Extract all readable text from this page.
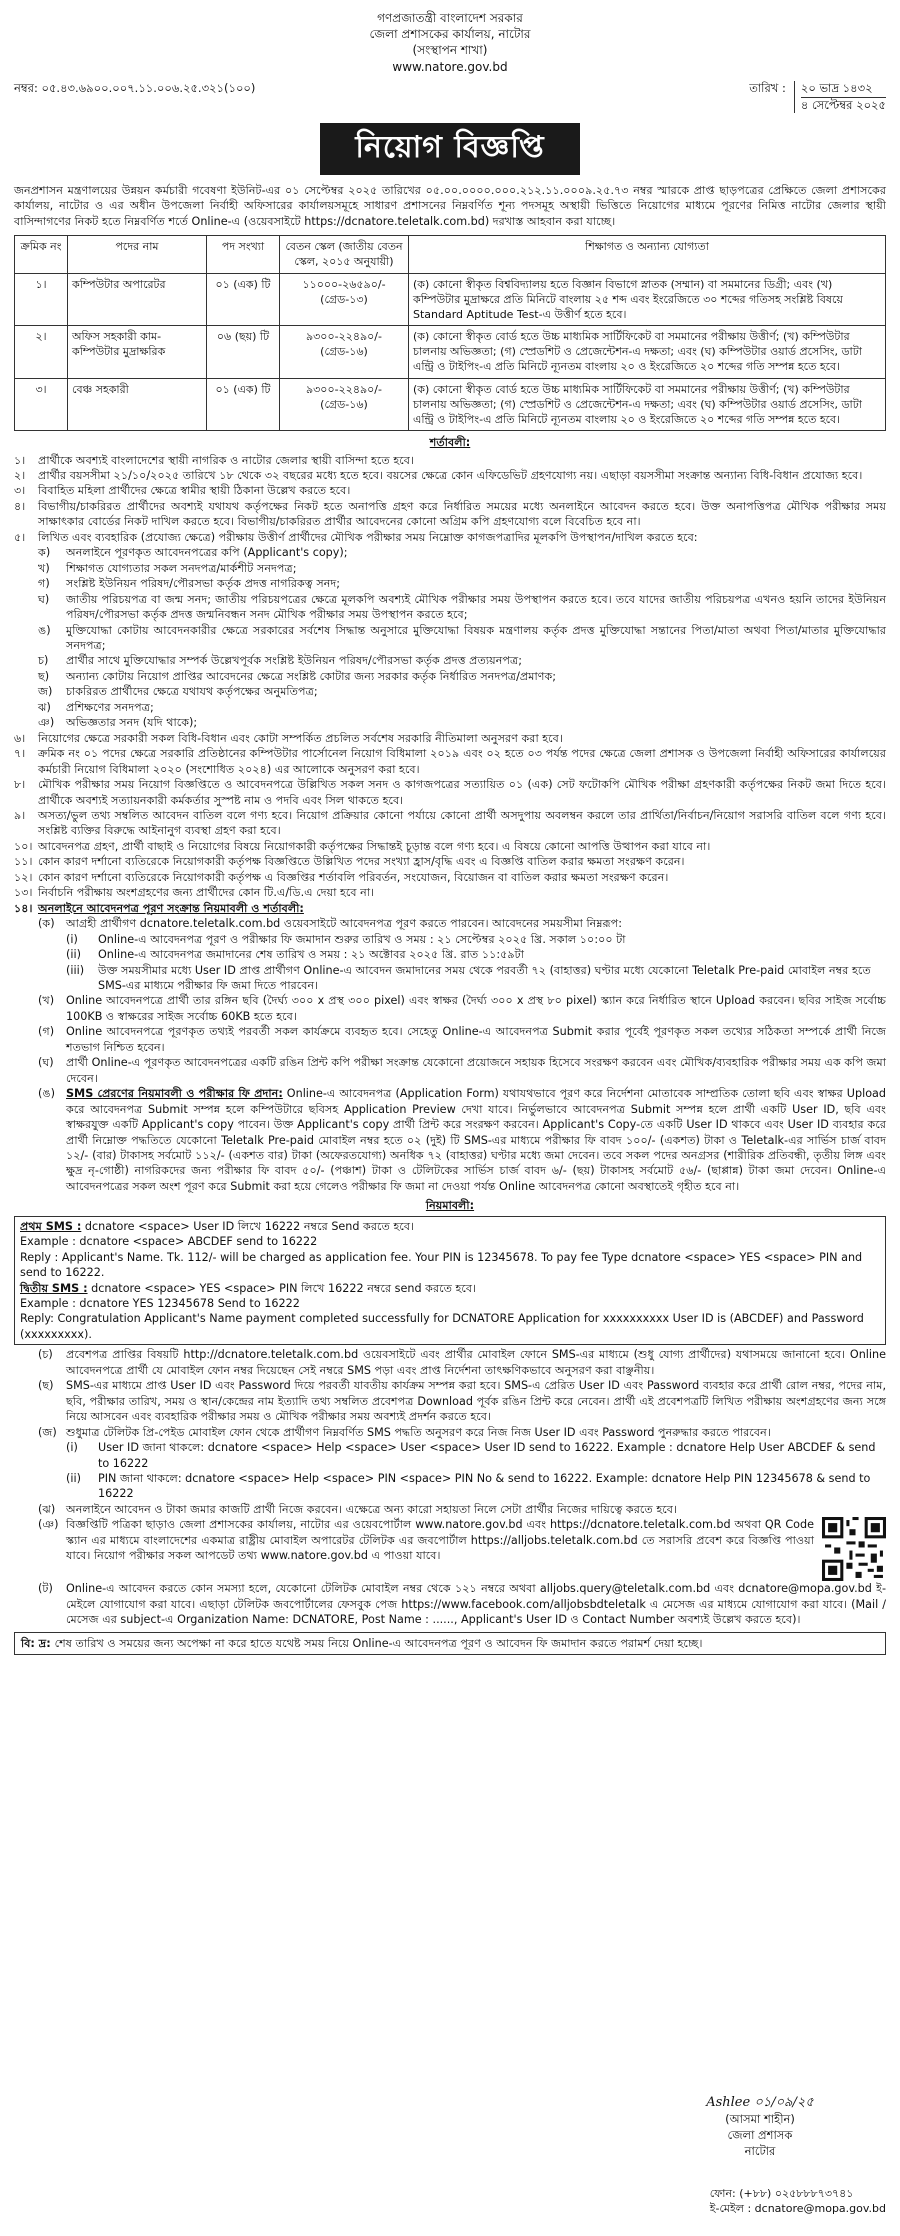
গণপ্রজাতন্ত্রী বাংলাদেশ সরকার
জেলা প্রশাসকের কার্যালয়, নাটোর
(সংস্থাপন শাখা)
www.natore.gov.bd
নম্বর: ০৫.৪৩.৬৯০০.০০৭.১১.০০৬.২৫.৩২১(১০০)	তারিখ : ২০ ভাদ্র ১৪৩২
৪ সেপ্টেম্বর ২০২৫
নিয়োগ বিজ্ঞপ্তি
জনপ্রশাসন মন্ত্রণালয়ের উন্নয়ন কর্মচারী গবেষণা ইউনিট-এর ০১ সেপ্টেম্বর ২০২৫ তারিখের ০৫.০০.০০০০.০০০.২১২.১১.০০০৯.২৫.৭৩ নম্বর স্মারকে প্রাপ্ত ছাড়পত্রের প্রেক্ষিতে জেলা প্রশাসকের কার্যালয়, নাটোর ও এর অধীন উপজেলা নির্বাহী অফিসারের কার্যালয়সমূহে সাধারণ প্রশাসনের নিম্নবর্ণিত শূন্য পদসমূহ অস্থায়ী ভিত্তিতে নিয়োগের মাধ্যমে পূরণের নিমিত্ত নাটোর জেলার স্থায়ী বাসিন্দাগণের নিকট হতে নিম্নবর্ণিত শর্তে Online-এ (ওয়েবসাইটে https://dcnatore.teletalk.com.bd) দরখাস্ত আহবান করা যাচ্ছে।
ক্রমিক নং	পদের নাম	পদ সংখ্যা	বেতন স্কেল (জাতীয় বেতন স্কেল, ২০১৫ অনুযায়ী)	শিক্ষাগত ও অন্যান্য যোগ্যতা
১।	কম্পিউটার অপারেটর	০১ (এক) টি	১১০০০-২৬৫৯০/- (গ্রেড-১৩)	(ক) কোনো স্বীকৃত বিশ্ববিদ্যালয় হতে বিজ্ঞান বিভাগে স্নাতক (সম্মান) বা সমমানের ডিগ্রী; এবং (খ) কম্পিউটার মুদ্রাক্ষরে প্রতি মিনিটে বাংলায় ২৫ শব্দ এবং ইংরেজিতে ৩০ শব্দের গতিসহ সংশ্লিষ্ট বিষয়ে Standard Aptitude Test-এ উত্তীর্ণ হতে হবে।
২।	অফিস সহকারী কাম-কম্পিউটার মুদ্রাক্ষরিক	০৬ (ছয়) টি	৯৩০০-২২৪৯০/- (গ্রেড-১৬)	(ক) কোনো স্বীকৃত বোর্ড হতে উচ্চ মাধ্যমিক সার্টিফিকেট বা সমমানের পরীক্ষায় উত্তীর্ণ; (খ) কম্পিউটার চালনায় অভিজ্ঞতা; (গ) স্প্রেডশিট ও প্রেজেন্টেশন-এ দক্ষতা; এবং (ঘ) কম্পিউটার ওয়ার্ড প্রসেসিং, ডাটা এন্ট্রি ও টাইপিং-এ প্রতি মিনিটে ন্যূনতম বাংলায় ২০ ও ইংরেজিতে ২০ শব্দের গতি সম্পন্ন হতে হবে।
৩।	বেঞ্চ সহকারী	০১ (এক) টি	৯৩০০-২২৪৯০/- (গ্রেড-১৬)	(ক) কোনো স্বীকৃত বোর্ড হতে উচ্চ মাধ্যমিক সার্টিফিকেট বা সমমানের পরীক্ষায় উত্তীর্ণ; (খ) কম্পিউটার চালনায় অভিজ্ঞতা; (গ) স্প্রেডশিট ও প্রেজেন্টেশন-এ দক্ষতা; এবং (ঘ) কম্পিউটার ওয়ার্ড প্রসেসিং, ডাটা এন্ট্রি ও টাইপিং-এ প্রতি মিনিটে ন্যূনতম বাংলায় ২০ ও ইংরেজিতে ২০ শব্দের গতি সম্পন্ন হতে হবে।
শর্তাবলী:
১।	প্রার্থীকে অবশ্যই বাংলাদেশের স্থায়ী নাগরিক ও নাটোর জেলার স্থায়ী বাসিন্দা হতে হবে।
২।	প্রার্থীর বয়সসীমা ২১/১০/২০২৫ তারিখে ১৮ থেকে ৩২ বছরের মধ্যে হতে হবে। বয়সের ক্ষেত্রে কোন এফিডেভিট গ্রহণযোগ্য নয়। এছাড়া বয়সসীমা সংক্রান্ত অন্যান্য বিধি-বিধান প্রযোজ্য হবে।
৩।	বিবাহিত মহিলা প্রার্থীদের ক্ষেত্রে স্বামীর স্থায়ী ঠিকানা উল্লেখ করতে হবে।
৪।	বিভাগীয়/চাকরিরত প্রার্থীদের অবশ্যই যথাযথ কর্তৃপক্ষের নিকট হতে অনাপত্তি গ্রহণ করে নির্ধারিত সময়ের মধ্যে অনলাইনে আবেদন করতে হবে। উক্ত অনাপত্তিপত্র মৌখিক পরীক্ষার সময় সাক্ষাৎকার বোর্ডের নিকট দাখিল করতে হবে। বিভাগীয়/চাকরিরত প্রার্থীর আবেদনের কোনো অগ্রিম কপি গ্রহণযোগ্য বলে বিবেচিত হবে না।
৫।	লিখিত এবং ব্যবহারিক (প্রযোজ্য ক্ষেত্রে) পরীক্ষায় উত্তীর্ণ প্রার্থীদের মৌখিক পরীক্ষার সময় নিম্নোক্ত কাগজপত্রাদির মূলকপি উপস্থাপন/দাখিল করতে হবে:
ক)	অনলাইনে পূরণকৃত আবেদনপত্রের কপি (Applicant's copy);
খ)	শিক্ষাগত যোগ্যতার সকল সনদপত্র/মার্কশীট সনদপত্র;
গ)	সংশ্লিষ্ট ইউনিয়ন পরিষদ/পৌরসভা কর্তৃক প্রদত্ত নাগরিকত্ব সনদ;
ঘ)	জাতীয় পরিচয়পত্র বা জন্ম সনদ; জাতীয় পরিচয়পত্রের ক্ষেত্রে মূলকপি অবশ্যই মৌখিক পরীক্ষার সময় উপস্থাপন করতে হবে। তবে যাদের জাতীয় পরিচয়পত্র এখনও হয়নি তাদের ইউনিয়ন পরিষদ/পৌরসভা কর্তৃক প্রদত্ত জন্মনিবন্ধন সনদ মৌখিক পরীক্ষার সময় উপস্থাপন করতে হবে;
ঙ)	মুক্তিযোদ্ধা কোটায় আবেদনকারীর ক্ষেত্রে সরকারের সর্বশেষ সিদ্ধান্ত অনুসারে মুক্তিযোদ্ধা বিষয়ক মন্ত্রণালয় কর্তৃক প্রদত্ত মুক্তিযোদ্ধা সন্তানের পিতা/মাতা অথবা পিতা/মাতার মুক্তিযোদ্ধার সনদপত্র;
চ)	প্রার্থীর সাথে মুক্তিযোদ্ধার সম্পর্ক উল্লেখপূর্বক সংশ্লিষ্ট ইউনিয়ন পরিষদ/পৌরসভা কর্তৃক প্রদত্ত প্রত্যয়নপত্র;
ছ)	অন্যান্য কোটায় নিয়োগ প্রাপ্তির আবেদনের ক্ষেত্রে সংশ্লিষ্ট কোটার জন্য সরকার কর্তৃক নির্ধারিত সনদপত্র/প্রমাণক;
জ)	চাকরিরত প্রার্থীদের ক্ষেত্রে যথাযথ কর্তৃপক্ষের অনুমতিপত্র;
ঝ)	প্রশিক্ষণের সনদপত্র;
ঞ)	অভিজ্ঞতার সনদ (যদি থাকে);
৬।	নিয়োগের ক্ষেত্রে সরকারী সকল বিধি-বিধান এবং কোটা সম্পর্কিত প্রচলিত সর্বশেষ সরকারি নীতিমালা অনুসরণ করা হবে।
৭।	ক্রমিক নং ০১ পদের ক্ষেত্রে সরকারি প্রতিষ্ঠানের কম্পিউটার পার্সোনেল নিয়োগ বিধিমালা ২০১৯ এবং ০২ হতে ০৩ পর্যন্ত পদের ক্ষেত্রে জেলা প্রশাসক ও উপজেলা নির্বাহী অফিসারের কার্যালয়ের কর্মচারী নিয়োগ বিধিমালা ২০২০ (সংশোধিত ২০২৪) এর আলোকে অনুসরণ করা হবে।
৮।	মৌখিক পরীক্ষার সময় নিয়োগ বিজ্ঞপ্তিতে ও আবেদনপত্রে উল্লিখিত সকল সনদ ও কাগজপত্রের সত্যায়িত ০১ (এক) সেট ফটোকপি মৌখিক পরীক্ষা গ্রহণকারী কর্তৃপক্ষের নিকট জমা দিতে হবে। প্রার্থীকে অবশ্যই সত্যায়নকারী কর্মকর্তার সুস্পষ্ট নাম ও পদবি এবং সিল থাকতে হবে।
৯।	অসত্য/ভুল তথ্য সম্বলিত আবেদন বাতিল বলে গণ্য হবে। নিয়োগ প্রক্রিয়ার কোনো পর্যায়ে কোনো প্রার্থী অসদুপায় অবলম্বন করলে তার প্রার্থিতা/নির্বাচন/নিয়োগ সরাসরি বাতিল বলে গণ্য হবে। সংশ্লিষ্ট ব্যক্তির বিরুদ্ধে আইনানুগ ব্যবস্থা গ্রহণ করা হবে।
১০। আবেদনপত্র গ্রহণ, প্রার্থী বাছাই ও নিয়োগের বিষয়ে নিয়োগকারী কর্তৃপক্ষের সিদ্ধান্তই চূড়ান্ত বলে গণ্য হবে। এ বিষয়ে কোনো আপত্তি উত্থাপন করা যাবে না।
১১। কোন কারণ দর্শানো ব্যতিরেকে নিয়োগকারী কর্তৃপক্ষ বিজ্ঞপ্তিতে উল্লিখিত পদের সংখ্যা হ্রাস/বৃদ্ধি এবং এ বিজ্ঞপ্তি বাতিল করার ক্ষমতা সংরক্ষণ করেন।
১২। কোন কারণ দর্শানো ব্যতিরেকে নিয়োগকারী কর্তৃপক্ষ এ বিজ্ঞপ্তির শর্তাবলি পরিবর্তন, সংযোজন, বিয়োজন বা বাতিল করার ক্ষমতা সংরক্ষণ করেন।
১৩। নির্বাচনি পরীক্ষায় অংশগ্রহণের জন্য প্রার্থীদের কোন টি.এ/ডি.এ দেয়া হবে না।
১৪। অনলাইনে আবেদনপত্র পূরণ সংক্রান্ত নিয়মাবলী ও শর্তাবলী:
(ক)	আগ্রহী প্রার্থীগণ dcnatore.teletalk.com.bd ওয়েবসাইটে আবেদনপত্র পূরণ করতে পারবেন। আবেদনের সময়সীমা নিম্নরূপ:
(i)	Online-এ আবেদনপত্র পূরণ ও পরীক্ষার ফি জমাদান শুরুর তারিখ ও সময় : ২১ সেপ্টেম্বর ২০২৫ খ্রি. সকাল ১০:০০ টা
(ii)	Online-এ আবেদনপত্র জমাদানের শেষ তারিখ ও সময় : ২১ অক্টোবর ২০২৫ খ্রি. রাত ১১:৫৯টা
(iii)	উক্ত সময়সীমার মধ্যে User ID প্রাপ্ত প্রার্থীগণ Online-এ আবেদন জমাদানের সময় থেকে পরবর্তী ৭২ (বাহাত্তর) ঘণ্টার মধ্যে যেকোনো Teletalk Pre-paid মোবাইল নম্বর হতে SMS-এর মাধ্যমে পরীক্ষার ফি জমা দিতে পারবেন।
(খ)	Online আবেদনপত্রে প্রার্থী তার রঙ্গিন ছবি (দৈর্ঘ্য ৩০০ x প্রস্থ ৩০০ pixel) এবং স্বাক্ষর (দৈর্ঘ্য ৩০০ x প্রস্থ ৮০ pixel) স্ক্যান করে নির্ধারিত স্থানে Upload করবেন। ছবির সাইজ সর্বোচ্চ 100KB ও স্বাক্ষরের সাইজ সর্বোচ্চ 60KB হতে হবে।
(গ)	Online আবেদনপত্রে পূরণকৃত তথ্যই পরবর্তী সকল কার্যক্রমে ব্যবহৃত হবে। সেহেতু Online-এ আবেদনপত্র Submit করার পূর্বেই পূরণকৃত সকল তথ্যের সঠিকতা সম্পর্কে প্রার্থী নিজে শতভাগ নিশ্চিত হবেন।
(ঘ)	প্রার্থী Online-এ পূরণকৃত আবেদনপত্রের একটি রঙিন প্রিন্ট কপি পরীক্ষা সংক্রান্ত যেকোনো প্রয়োজনে সহায়ক হিসেবে সংরক্ষণ করবেন এবং মৌখিক/ব্যবহারিক পরীক্ষার সময় এক কপি জমা দেবেন।
(ঙ) SMS প্রেরণের নিয়মাবলী ও পরীক্ষার ফি প্রদান: Online-এ আবেদনপত্র (Application Form) যথাযথভাবে পূরণ করে নির্দেশনা মোতাবেক সাম্প্রতিক তোলা ছবি এবং স্বাক্ষর Upload করে আবেদনপত্র Submit সম্পন্ন হলে কম্পিউটারে ছবিসহ Application Preview দেখা যাবে। নির্ভুলভাবে আবেদনপত্র Submit সম্পন্ন হলে প্রার্থী একটি User ID, ছবি এবং স্বাক্ষরযুক্ত একটি Applicant's copy পাবেন। উক্ত Applicant's copy প্রার্থী প্রিন্ট করে সংরক্ষণ করবেন। Applicant's Copy-তে একটি User ID থাকবে এবং User ID ব্যবহার করে প্রার্থী নিম্নোক্ত পদ্ধতিতে যেকোনো Teletalk Pre-paid মোবাইল নম্বর হতে ০২ (দুই) টি SMS-এর মাধ্যমে পরীক্ষার ফি বাবদ ১০০/- (একশত) টাকা ও Teletalk-এর সার্ভিস চার্জ বাবদ ১২/- (বার) টাকাসহ সর্বমোট ১১২/- (একশত বার) টাকা (অফেরতযোগ্য) অনধিক ৭২ (বাহাত্তর) ঘণ্টার মধ্যে জমা দেবেন। তবে সকল পদের অনগ্রসর (শারীরিক প্রতিবন্ধী, তৃতীয় লিঙ্গ এবং ক্ষুদ্র নৃ-গোষ্ঠী) নাগরিকদের জন্য পরীক্ষার ফি বাবদ ৫০/- (পঞ্চাশ) টাকা ও টেলিটকের সার্ভিস চার্জ বাবদ ৬/- (ছয়) টাকাসহ সর্বমোট ৫৬/- (ছাপ্পান্ন) টাকা জমা দেবেন। Online-এ আবেদনপত্রের সকল অংশ পূরণ করে Submit করা হয়ে গেলেও পরীক্ষার ফি জমা না দেওয়া পর্যন্ত Online আবেদনপত্র কোনো অবস্থাতেই গৃহীত হবে না।
নিয়মাবলী:
প্রথম SMS : dcnatore <space> User ID লিখে 16222 নম্বরে Send করতে হবে।
Example : dcnatore <space> ABCDEF send to 16222
Reply : Applicant's Name. Tk. 112/- will be charged as application fee. Your PIN is 12345678. To pay fee Type dcnatore <space> YES <space> PIN and send to 16222.
দ্বিতীয় SMS : dcnatore <space> YES <space> PIN লিখে 16222 নম্বরে send করতে হবে।
Example : dcnatore YES 12345678 Send to 16222
Reply: Congratulation Applicant's Name payment completed successfully for DCNATORE Application for xxxxxxxxxx User ID is (ABCDEF) and Password (xxxxxxxxx).
(চ)	প্রবেশপত্র প্রাপ্তির বিষয়টি http://dcnatore.teletalk.com.bd ওয়েবসাইটে এবং প্রার্থীর মোবাইল ফোনে SMS-এর মাধ্যমে (শুধু যোগ্য প্রার্থীদের) যথাসময়ে জানানো হবে। Online আবেদনপত্রে প্রার্থী যে মোবাইল ফোন নম্বর দিয়েছেন সেই নম্বরে SMS পড়া এবং প্রাপ্ত নির্দেশনা তাৎক্ষণিকভাবে অনুসরণ করা বাঞ্ছনীয়।
(ছ)	SMS-এর মাধ্যমে প্রাপ্ত User ID এবং Password দিয়ে পরবর্তী যাবতীয় কার্যক্রম সম্পন্ন করা হবে। SMS-এ প্রেরিত User ID এবং Password ব্যবহার করে প্রার্থী রোল নম্বর, পদের নাম, ছবি, পরীক্ষার তারিখ, সময় ও স্থান/কেন্দ্রের নাম ইত্যাদি তথ্য সম্বলিত প্রবেশপত্র Download পূর্বক রঙিন প্রিন্ট করে নেবেন। প্রার্থী এই প্রবেশপত্রটি লিখিত পরীক্ষায় অংশগ্রহণের জন্য সঙ্গে নিয়ে আসবেন এবং ব্যবহারিক পরীক্ষার সময় ও মৌখিক পরীক্ষার সময় অবশ্যই প্রদর্শন করতে হবে।
(জ) শুধুমাত্র টেলিটক প্রি-পেইড মোবাইল ফোন থেকে প্রার্থীগণ নিম্নবর্ণিত SMS পদ্ধতি অনুসরণ করে নিজ নিজ User ID এবং Password পুনরুদ্ধার করতে পারবেন।
(i)	User ID জানা থাকলে: dcnatore <space> Help <space> User <space> User ID send to 16222. Example : dcnatore Help User ABCDEF & send to 16222
(ii)	PIN জানা থাকলে: dcnatore <space> Help <space> PIN <space> PIN No & send to 16222. Example: dcnatore Help PIN 12345678 & send to 16222
(ঝ) অনলাইনে আবেদন ও টাকা জমার কাজটি প্রার্থী নিজে করবেন। এক্ষেত্রে অন্য কারো সহায়তা নিলে সেটা প্রার্থীর নিজের দায়িত্বে করতে হবে।
(ঞ) বিজ্ঞপ্তিটি পত্রিকা ছাড়াও জেলা প্রশাসকের কার্যালয়, নাটোর এর ওয়েবপোর্টাল www.natore.gov.bd এবং https://dcnatore.teletalk.com.bd অথবা QR Code স্ক্যান এর মাধ্যমে বাংলাদেশের একমাত্র রাষ্ট্রীয় মোবাইল অপারেটর টেলিটক এর জবপোর্টাল https://alljobs.teletalk.com.bd তে সরাসরি প্রবেশ করে বিজ্ঞপ্তি পাওয়া যাবে। নিয়োগ পরীক্ষার সকল আপডেট তথ্য www.natore.gov.bd এ পাওয়া যাবে।
(ট)	Online-এ আবেদন করতে কোন সমস্যা হলে, যেকোনো টেলিটক মোবাইল নম্বর থেকে ১২১ নম্বরে অথবা alljobs.query@teletalk.com.bd এবং dcnatore@mopa.gov.bd ই-মেইলে যোগাযোগ করা যাবে। এছাড়া টেলিটক জবপোর্টালের ফেসবুক পেজ https://www.facebook.com/alljobsbdteletalk এ মেসেজ এর মাধ্যমে যোগাযোগ করা যাবে। (Mail / মেসেজ এর subject-এ Organization Name: DCNATORE, Post Name : ......, Applicant's User ID ও Contact Number অবশ্যই উল্লেখ করতে হবে)।
বি: দ্র: শেষ তারিখ ও সময়ের জন্য অপেক্ষা না করে হাতে যথেষ্ট সময় নিয়ে Online-এ আবেদনপত্র পূরণ ও আবেদন ফি জমাদান করতে পরামর্শ দেয়া হচ্ছে।
Ashlee ০১/০৯/২৫
(আসমা শাহীন)
জেলা প্রশাসক
নাটোর
ফোন: (+৮৮) ০২৫৮৮৮৭৩৭৪১
ই-মেইল : dcnatore@mopa.gov.bd
